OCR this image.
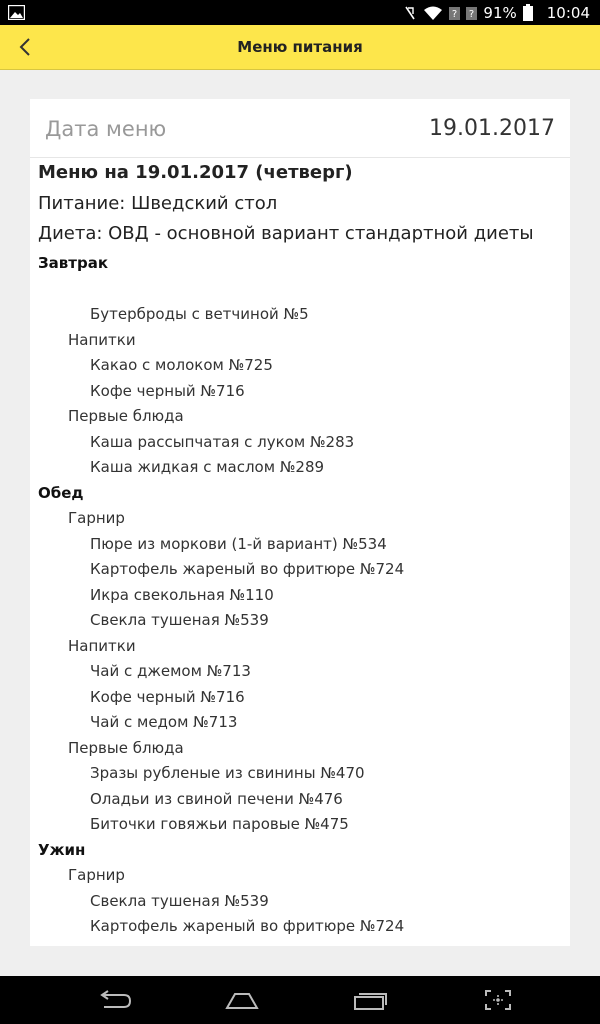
? ? 91% 10:04
Меню питания
Дата меню	19.01.2017
Меню на 19.01.2017 (четверг)
Питание: Шведский стол
Диета: ОВД - основной вариант стандартной диеты
Завтрак
Бутерброды с ветчиной №5
Напитки
Какао с молоком №725
Кофе черный №716
Первые блюда
Каша рассыпчатая с луком №283
Каша жидкая с маслом №289
Обед
Гарнир
Пюре из моркови (1-й вариант) №534
Картофель жареный во фритюре №724
Икра свекольная №110
Свекла тушеная №539
Напитки
Чай с джемом №713
Кофе черный №716
Чай с медом №713
Первые блюда
Зразы рубленые из свинины №470
Оладьи из свиной печени №476
Биточки говяжьи паровые №475
Ужин
Гарнир
Свекла тушеная №539
Картофель жареный во фритюре №724
